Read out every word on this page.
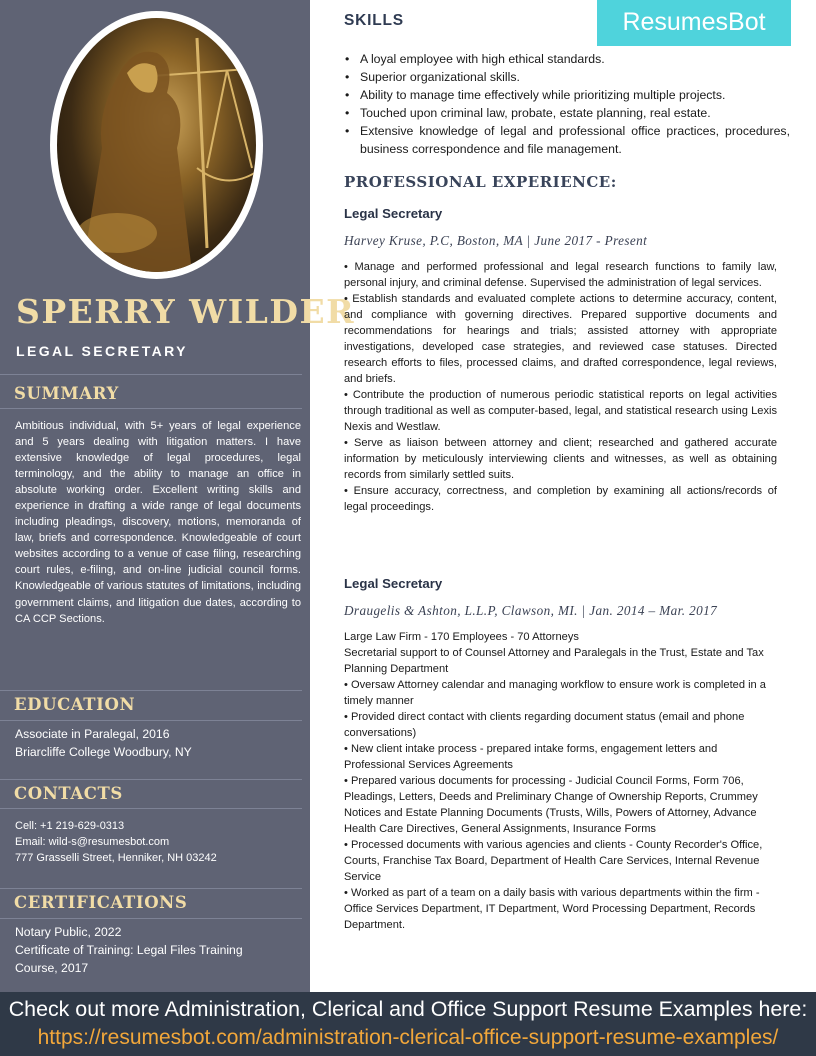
SPERRY WILDER
LEGAL SECRETARY
SUMMARY

Ambitious individual, with 5+ years of legal experience and 5 years dealing with litigation matters. I have extensive knowledge of legal procedures, legal terminology, and the ability to manage an office in absolute working order. Excellent writing skills and experience in drafting a wide range of legal documents including pleadings, discovery, motions, memoranda of law, briefs and correspondence. Knowledgeable of court websites according to a venue of case filing, researching court rules, e-filing, and on-line judicial council forms. Knowledgeable of various statutes of limitations, including government claims, and litigation due dates, according to CA CCP Sections.

EDUCATION
Associate in Paralegal, 2016
Briarcliffe College Woodbury, NY
CONTACTS
Cell: +1 219-629-0313
Email: wild-s@resumesbot.com
777 Grasselli Street, Henniker, NH 03242
CERTIFICATIONS
Notary Public, 2022
Certificate of Training: Legal Files Training Course, 2017
ResumesBot
SKILLS
• A loyal employee with high ethical standards.
• Superior organizational skills.
• Ability to manage time effectively while prioritizing multiple projects.
• Touched upon criminal law, probate, estate planning, real estate.
• Extensive knowledge of legal and professional office practices, procedures, business correspondence and file management.
PROFESSIONAL EXPERIENCE:
Legal Secretary
Harvey Kruse, P.C, Boston, MA | June 2017 - Present

• Manage and performed professional and legal research functions to family law, personal injury, and criminal defense. Supervised the administration of legal services.

• Establish standards and evaluated complete actions to determine accuracy, content, and compliance with governing directives. Prepared supportive documents and recommendations for hearings and trials; assisted attorney with appropriate investigations, developed case strategies, and reviewed case statuses. Directed research efforts to files, processed claims, and drafted correspondence, legal reviews, and briefs.

• Contribute the production of numerous periodic statistical reports on legal activities through traditional as well as computer-based, legal, and statistical research using Lexis Nexis and Westlaw.

• Serve as liaison between attorney and client; researched and gathered accurate information by meticulously interviewing clients and witnesses, as well as obtaining records from similarly settled suits.

• Ensure accuracy, correctness, and completion by examining all actions/records of legal proceedings.

Legal Secretary
Draugelis & Ashton, L.L.P, Clawson, MI. | Jan. 2014 – Mar. 2017

Large Law Firm - 170 Employees - 70 Attorneys

Secretarial support to of Counsel Attorney and Paralegals in the Trust, Estate and Tax Planning Department

• Oversaw Attorney calendar and managing workflow to ensure work is completed in a timely manner

• Provided direct contact with clients regarding document status (email and phone conversations)

• New client intake process - prepared intake forms, engagement letters and Professional Services Agreements

• Prepared various documents for processing - Judicial Council Forms, Form 706, Pleadings, Letters, Deeds and Preliminary Change of Ownership Reports, Crummey Notices and Estate Planning Documents (Trusts, Wills, Powers of Attorney, Advance Health Care Directives, General Assignments, Insurance Forms

• Processed documents with various agencies and clients - County Recorder's Office, Courts, Franchise Tax Board, Department of Health Care Services, Internal Revenue Service

• Worked as part of a team on a daily basis with various departments within the firm - Office Services Department, IT Department, Word Processing Department, Records Department.

Check out more Administration, Clerical and Office Support Resume Examples here:
https://resumesbot.com/administration-clerical-office-support-resume-examples/
